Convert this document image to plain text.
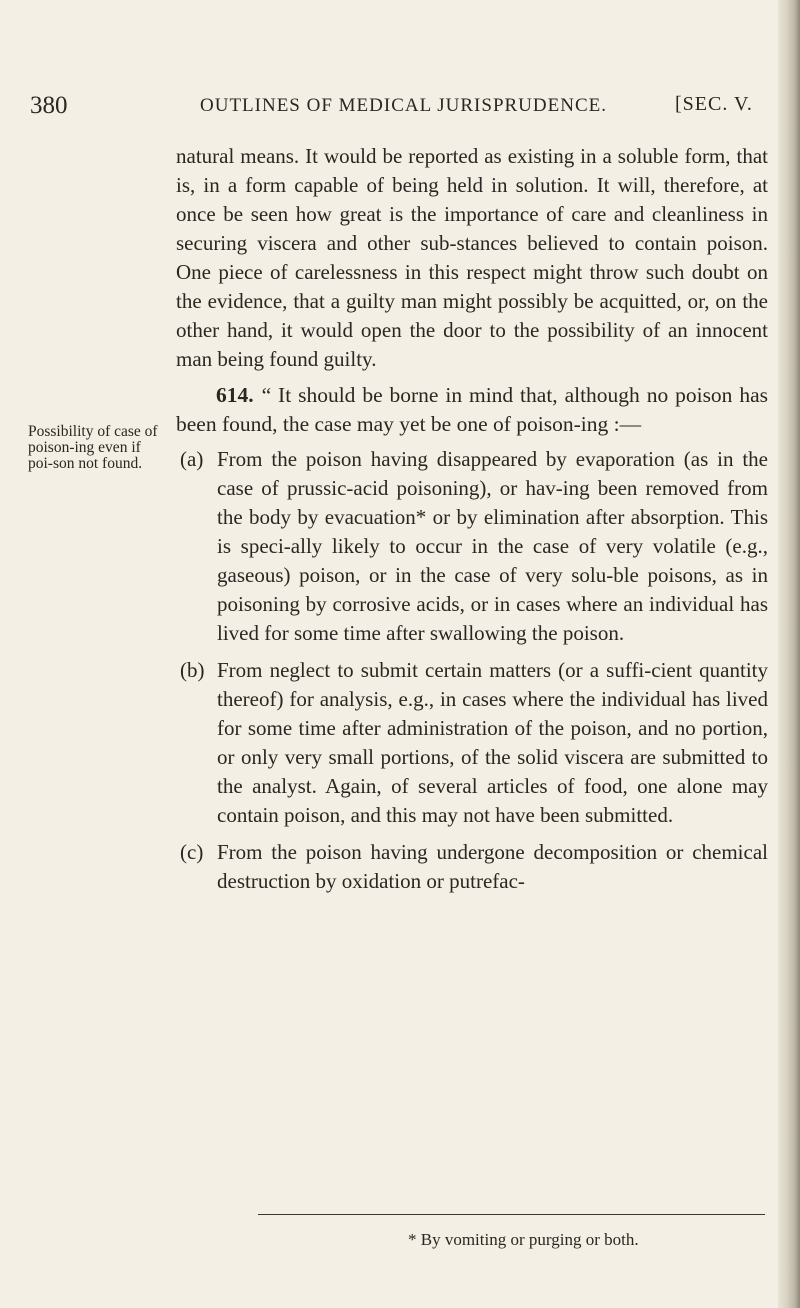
380	OUTLINES OF MEDICAL JURISPRUDENCE.	[SEC. V.
Possibility of case of poison-ing even if poi-son not found.

natural means. It would be reported as existing in a soluble form, that is, in a form capable of being held in solution. It will, therefore, at once be seen how great is the importance of care and cleanliness in securing viscera and other sub-stances believed to contain poison. One piece of carelessness in this respect might throw such doubt on the evidence, that a guilty man might possibly be acquitted, or, on the other hand, it would open the door to the possibility of an innocent man being found guilty.

614. “ It should be borne in mind that, although no poison has been found, the case may yet be one of poison-ing :—

(a) From the poison having disappeared by evaporation (as in the case of prussic-acid poisoning), or hav-ing been removed from the body by evacuation* or by elimination after absorption. This is speci-ally likely to occur in the case of very volatile (e.g., gaseous) poison, or in the case of very solu-ble poisons, as in poisoning by corrosive acids, or in cases where an individual has lived for some time after swallowing the poison.

(b) From neglect to submit certain matters (or a suffi-cient quantity thereof) for analysis, e.g., in cases where the individual has lived for some time after administration of the poison, and no portion, or only very small portions, of the solid viscera are submitted to the analyst. Again, of several articles of food, one alone may contain poison, and this may not have been submitted.

(c) From the poison having undergone decomposition or chemical destruction by oxidation or putrefac-

* By vomiting or purging or both.
